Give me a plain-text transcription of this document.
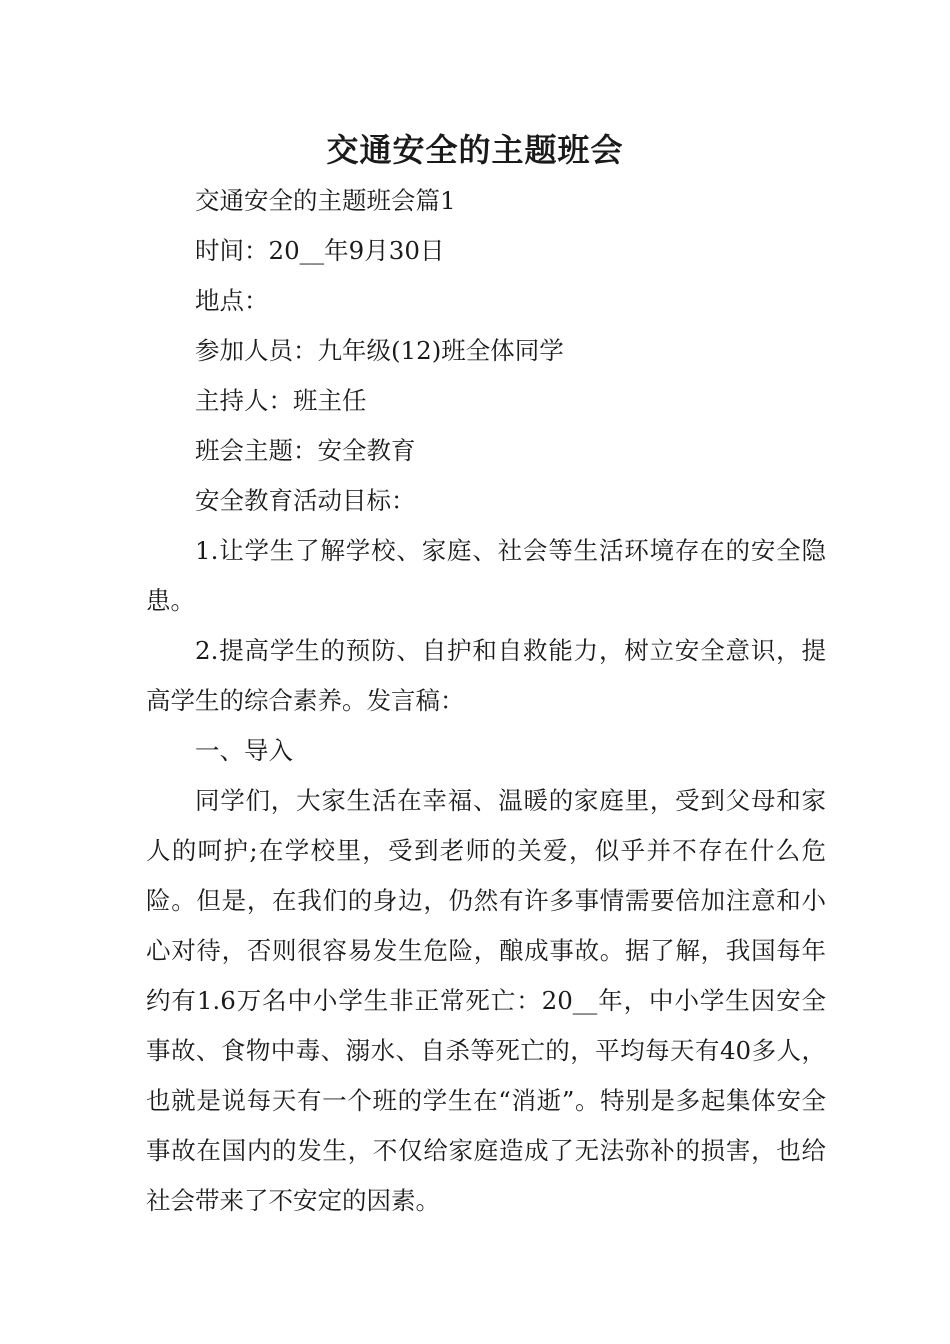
交通安全的主题班会

交通安全的主题班会篇1

时间：20__年9月30日

地点：

参加人员：九年级(12)班全体同学

主持人：班主任

班会主题：安全教育

安全教育活动目标：

1.让学生了解学校、家庭、社会等生活环境存在的安全隐患。

2.提高学生的预防、自护和自救能力，树立安全意识，提高学生的综合素养。发言稿：

一、导入

同学们，大家生活在幸福、温暖的家庭里，受到父母和家人的呵护;在学校里，受到老师的关爱，似乎并不存在什么危险。但是，在我们的身边，仍然有许多事情需要倍加注意和小心对待，否则很容易发生危险，酿成事故。据了解，我国每年约有1.6万名中小学生非正常死亡：20__年，中小学生因安全事故、食物中毒、溺水、自杀等死亡的，平均每天有40多人，也就是说每天有一个班的学生在“消逝”。特别是多起集体安全事故在国内的发生，不仅给家庭造成了无法弥补的损害，也给社会带来了不安定的因素。
